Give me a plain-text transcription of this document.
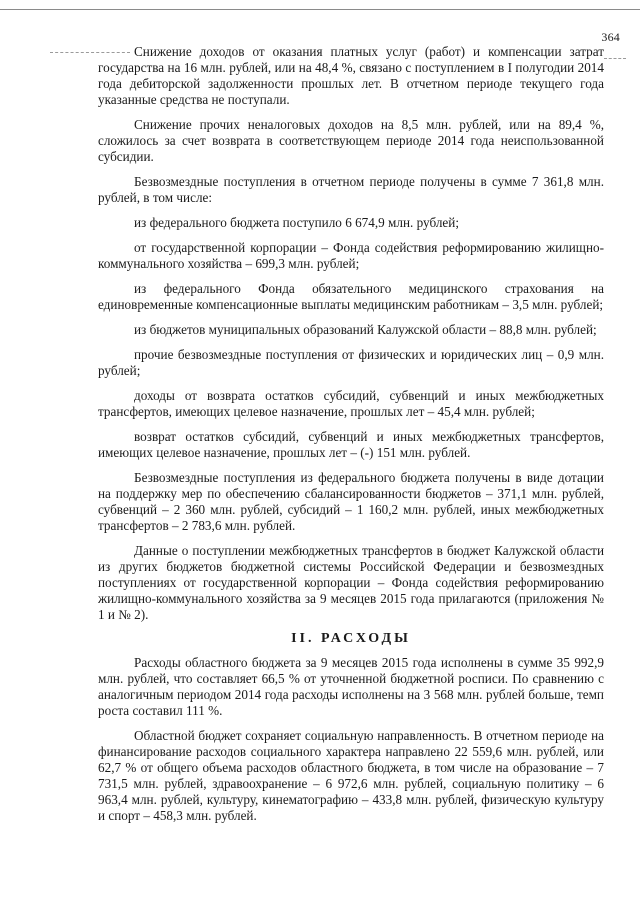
364

Снижение доходов от оказания платных услуг (работ) и компенсации затрат государства на 16 млн. рублей, или на 48,4 %, связано с поступлением в I полугодии 2014 года дебиторской задолженности прошлых лет. В отчетном периоде текущего года указанные средства не поступали.

Снижение прочих неналоговых доходов на 8,5 млн. рублей, или на 89,4 %, сложилось за счет возврата в соответствующем периоде 2014 года неиспользованной субсидии.

Безвозмездные поступления в отчетном периоде получены в сумме 7 361,8 млн. рублей, в том числе:

из федерального бюджета поступило 6 674,9 млн. рублей;

от государственной корпорации – Фонда содействия реформированию жилищно-коммунального хозяйства – 699,3 млн. рублей;

из федерального Фонда обязательного медицинского страхования на единовременные компенсационные выплаты медицинским работникам – 3,5 млн. рублей;

из бюджетов муниципальных образований Калужской области – 88,8 млн. рублей;

прочие безвозмездные поступления от физических и юридических лиц – 0,9 млн. рублей;

доходы от возврата остатков субсидий, субвенций и иных межбюджетных трансфертов, имеющих целевое назначение, прошлых лет – 45,4 млн. рублей;

возврат остатков субсидий, субвенций и иных межбюджетных трансфертов, имеющих целевое назначение, прошлых лет – (-) 151 млн. рублей.

Безвозмездные поступления из федерального бюджета получены в виде дотации на поддержку мер по обеспечению сбалансированности бюджетов – 371,1 млн. рублей, субвенций – 2 360 млн. рублей, субсидий – 1 160,2 млн. рублей, иных межбюджетных трансфертов – 2 783,6 млн. рублей.

Данные о поступлении межбюджетных трансфертов в бюджет Калужской области из других бюджетов бюджетной системы Российской Федерации и безвозмездных поступлениях от государственной корпорации – Фонда содействия реформированию жилищно-коммунального хозяйства за 9 месяцев 2015 года прилагаются (приложения № 1 и № 2).

II. РАСХОДЫ

Расходы областного бюджета за 9 месяцев 2015 года исполнены в сумме 35 992,9 млн. рублей, что составляет 66,5 % от уточненной бюджетной росписи. По сравнению с аналогичным периодом 2014 года расходы исполнены на 3 568 млн. рублей больше, темп роста составил 111 %.

Областной бюджет сохраняет социальную направленность. В отчетном периоде на финансирование расходов социального характера направлено 22 559,6 млн. рублей, или 62,7 % от общего объема расходов областного бюджета, в том числе на образование – 7 731,5 млн. рублей, здравоохранение – 6 972,6 млн. рублей, социальную политику – 6 963,4 млн. рублей, культуру, кинематографию – 433,8 млн. рублей, физическую культуру и спорт – 458,3 млн. рублей.
